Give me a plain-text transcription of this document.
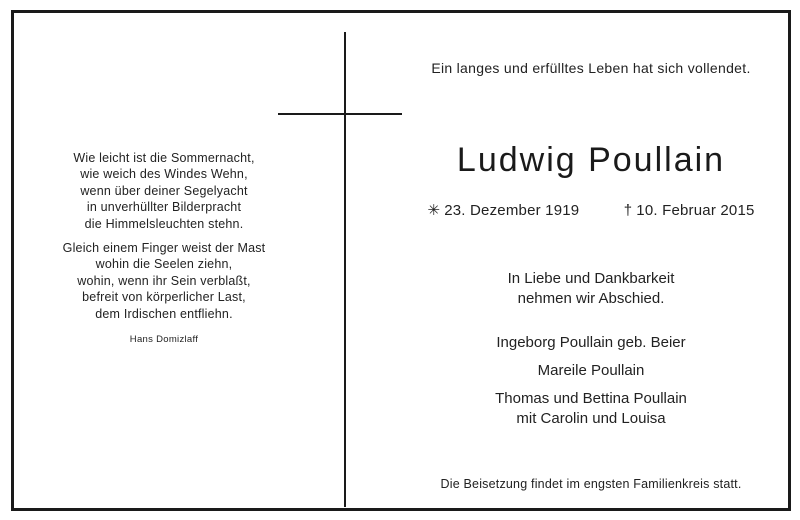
Wie leicht ist die Sommernacht,
wie weich des Windes Wehn,
wenn über deiner Segelyacht
in unverhüllter Bilderpracht
die Himmelsleuchten stehn.

Gleich einem Finger weist der Mast
wohin die Seelen ziehn,
wohin, wenn ihr Sein verblaßt,
befreit von körperlicher Last,
dem Irdischen entfliehn.

Hans Domizlaff
Ein langes und erfülltes Leben hat sich vollendet.
Ludwig Poullain
✳ 23. Dezember 1919	† 10. Februar 2015
In Liebe und Dankbarkeit
nehmen wir Abschied.
Ingeborg Poullain geb. Beier
Mareile Poullain
Thomas und Bettina Poullain
mit Carolin und Louisa
Die Beisetzung findet im engsten Familienkreis statt.
